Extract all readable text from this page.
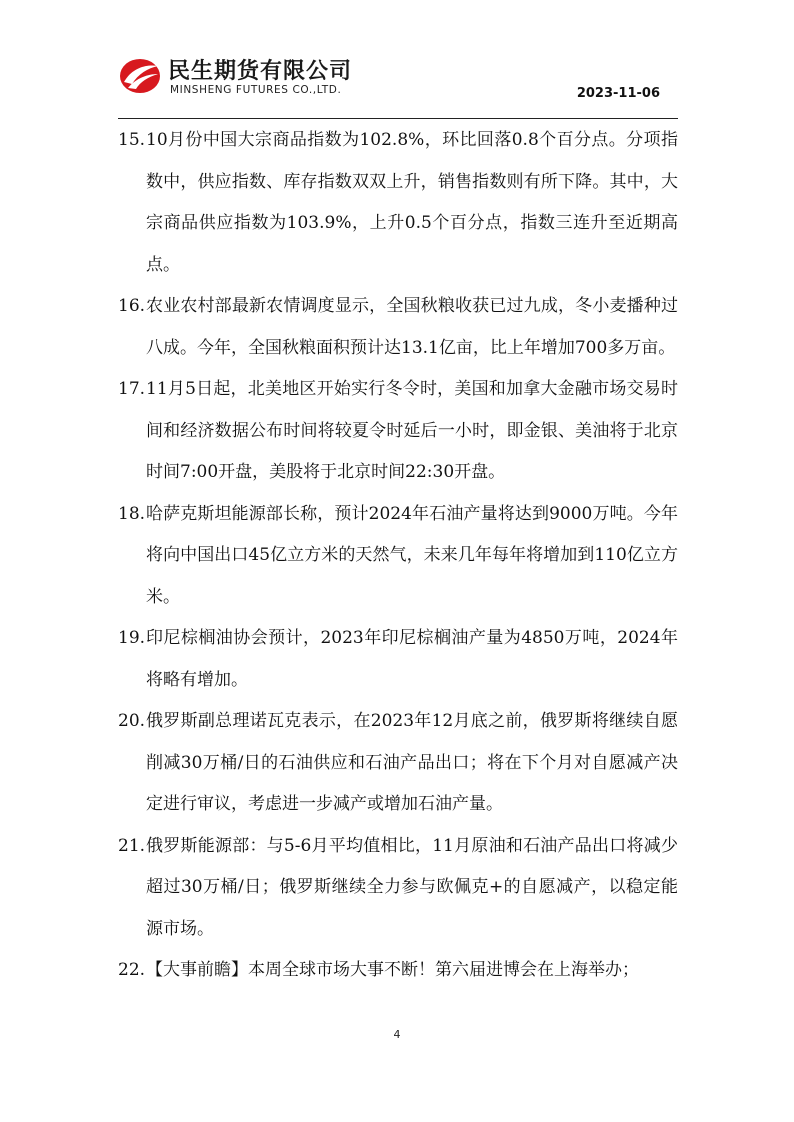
民生期货有限公司
MINSHENG FUTURES CO.,LTD.	2023-11-06
15. 10月份中国大宗商品指数为102.8%，环比回落0.8个百分点。分项指数中，供应指数、库存指数双双上升，销售指数则有所下降。其中，大宗商品供应指数为103.9%，上升0.5个百分点，指数三连升至近期高点。
16. 农业农村部最新农情调度显示，全国秋粮收获已过九成，冬小麦播种过八成。今年，全国秋粮面积预计达13.1亿亩，比上年增加700多万亩。
17. 11月5日起，北美地区开始实行冬令时，美国和加拿大金融市场交易时间和经济数据公布时间将较夏令时延后一小时，即金银、美油将于北京时间7:00开盘，美股将于北京时间22:30开盘。
18. 哈萨克斯坦能源部长称，预计2024年石油产量将达到9000万吨。今年将向中国出口45亿立方米的天然气，未来几年每年将增加到110亿立方米。
19. 印尼棕榈油协会预计，2023年印尼棕榈油产量为4850万吨，2024年将略有增加。
20. 俄罗斯副总理诺瓦克表示，在2023年12月底之前，俄罗斯将继续自愿削减30万桶/日的石油供应和石油产品出口；将在下个月对自愿减产决定进行审议，考虑进一步减产或增加石油产量。
21. 俄罗斯能源部：与5-6月平均值相比，11月原油和石油产品出口将减少超过30万桶/日；俄罗斯继续全力参与欧佩克+的自愿减产，以稳定能源市场。
22. 【大事前瞻】本周全球市场大事不断！第六届进博会在上海举办；
4
